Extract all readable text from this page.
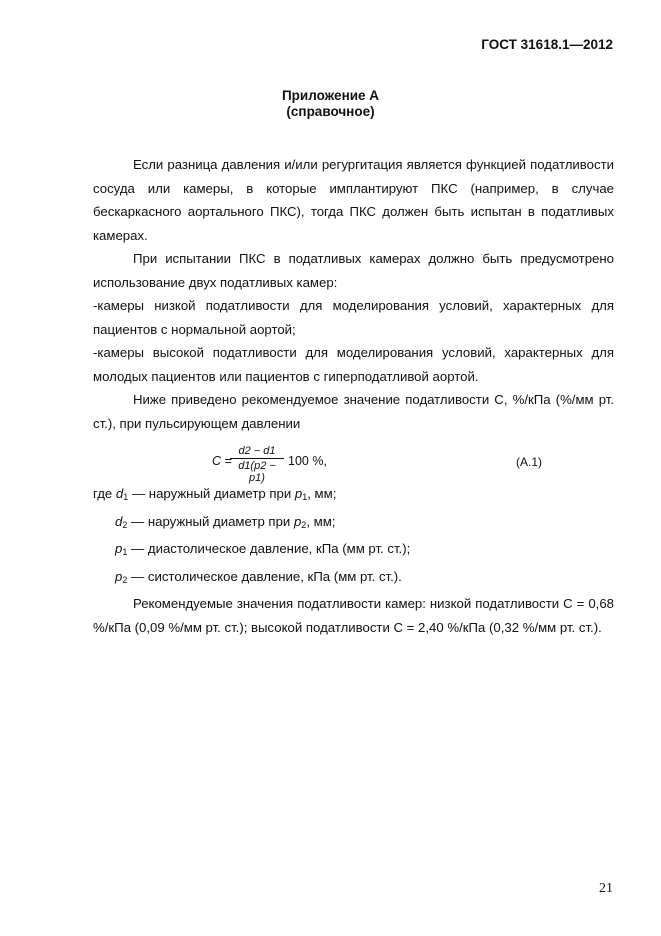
ГОСТ 31618.1—2012
Приложение А
(справочное)

Если разница давления и/или регургитация является функцией податливости сосуда или камеры, в которые имплантируют ПКС (например, в случае бескаркасного аортального ПКС), тогда ПКС должен быть испытан в податливых камерах.

При испытании ПКС в податливых камерах должно быть предусмотрено использование двух податливых камер:

-камеры низкой податливости для моделирования условий, характерных для пациентов с нормальной аортой;

-камеры высокой податливости для моделирования условий, характерных для молодых пациентов или пациентов с гиперподатливой аортой.

Ниже приведено рекомендуемое значение податливости С, %/кПа (%/мм рт. ст.), при пульсирующем давлении

C =
$\frac{d2 - d1}{d1(p2 - p1)} 100$ %,	(А.1)
где $d_1$ — наружный диаметр при $p_1$, мм;
$d_2$ — наружный диаметр при $p_2$, мм;
$p_1$ — диастолическое давление, кПа (мм рт. ст.);
$p_2$ — систолическое давление, кПа (мм рт. ст.).

Рекомендуемые значения податливости камер: низкой податливости С = 0,68 %/кПа (0,09 %/мм рт. ст.); высокой податливости С = 2,40 %/кПа (0,32 %/мм рт. ст.).

21
